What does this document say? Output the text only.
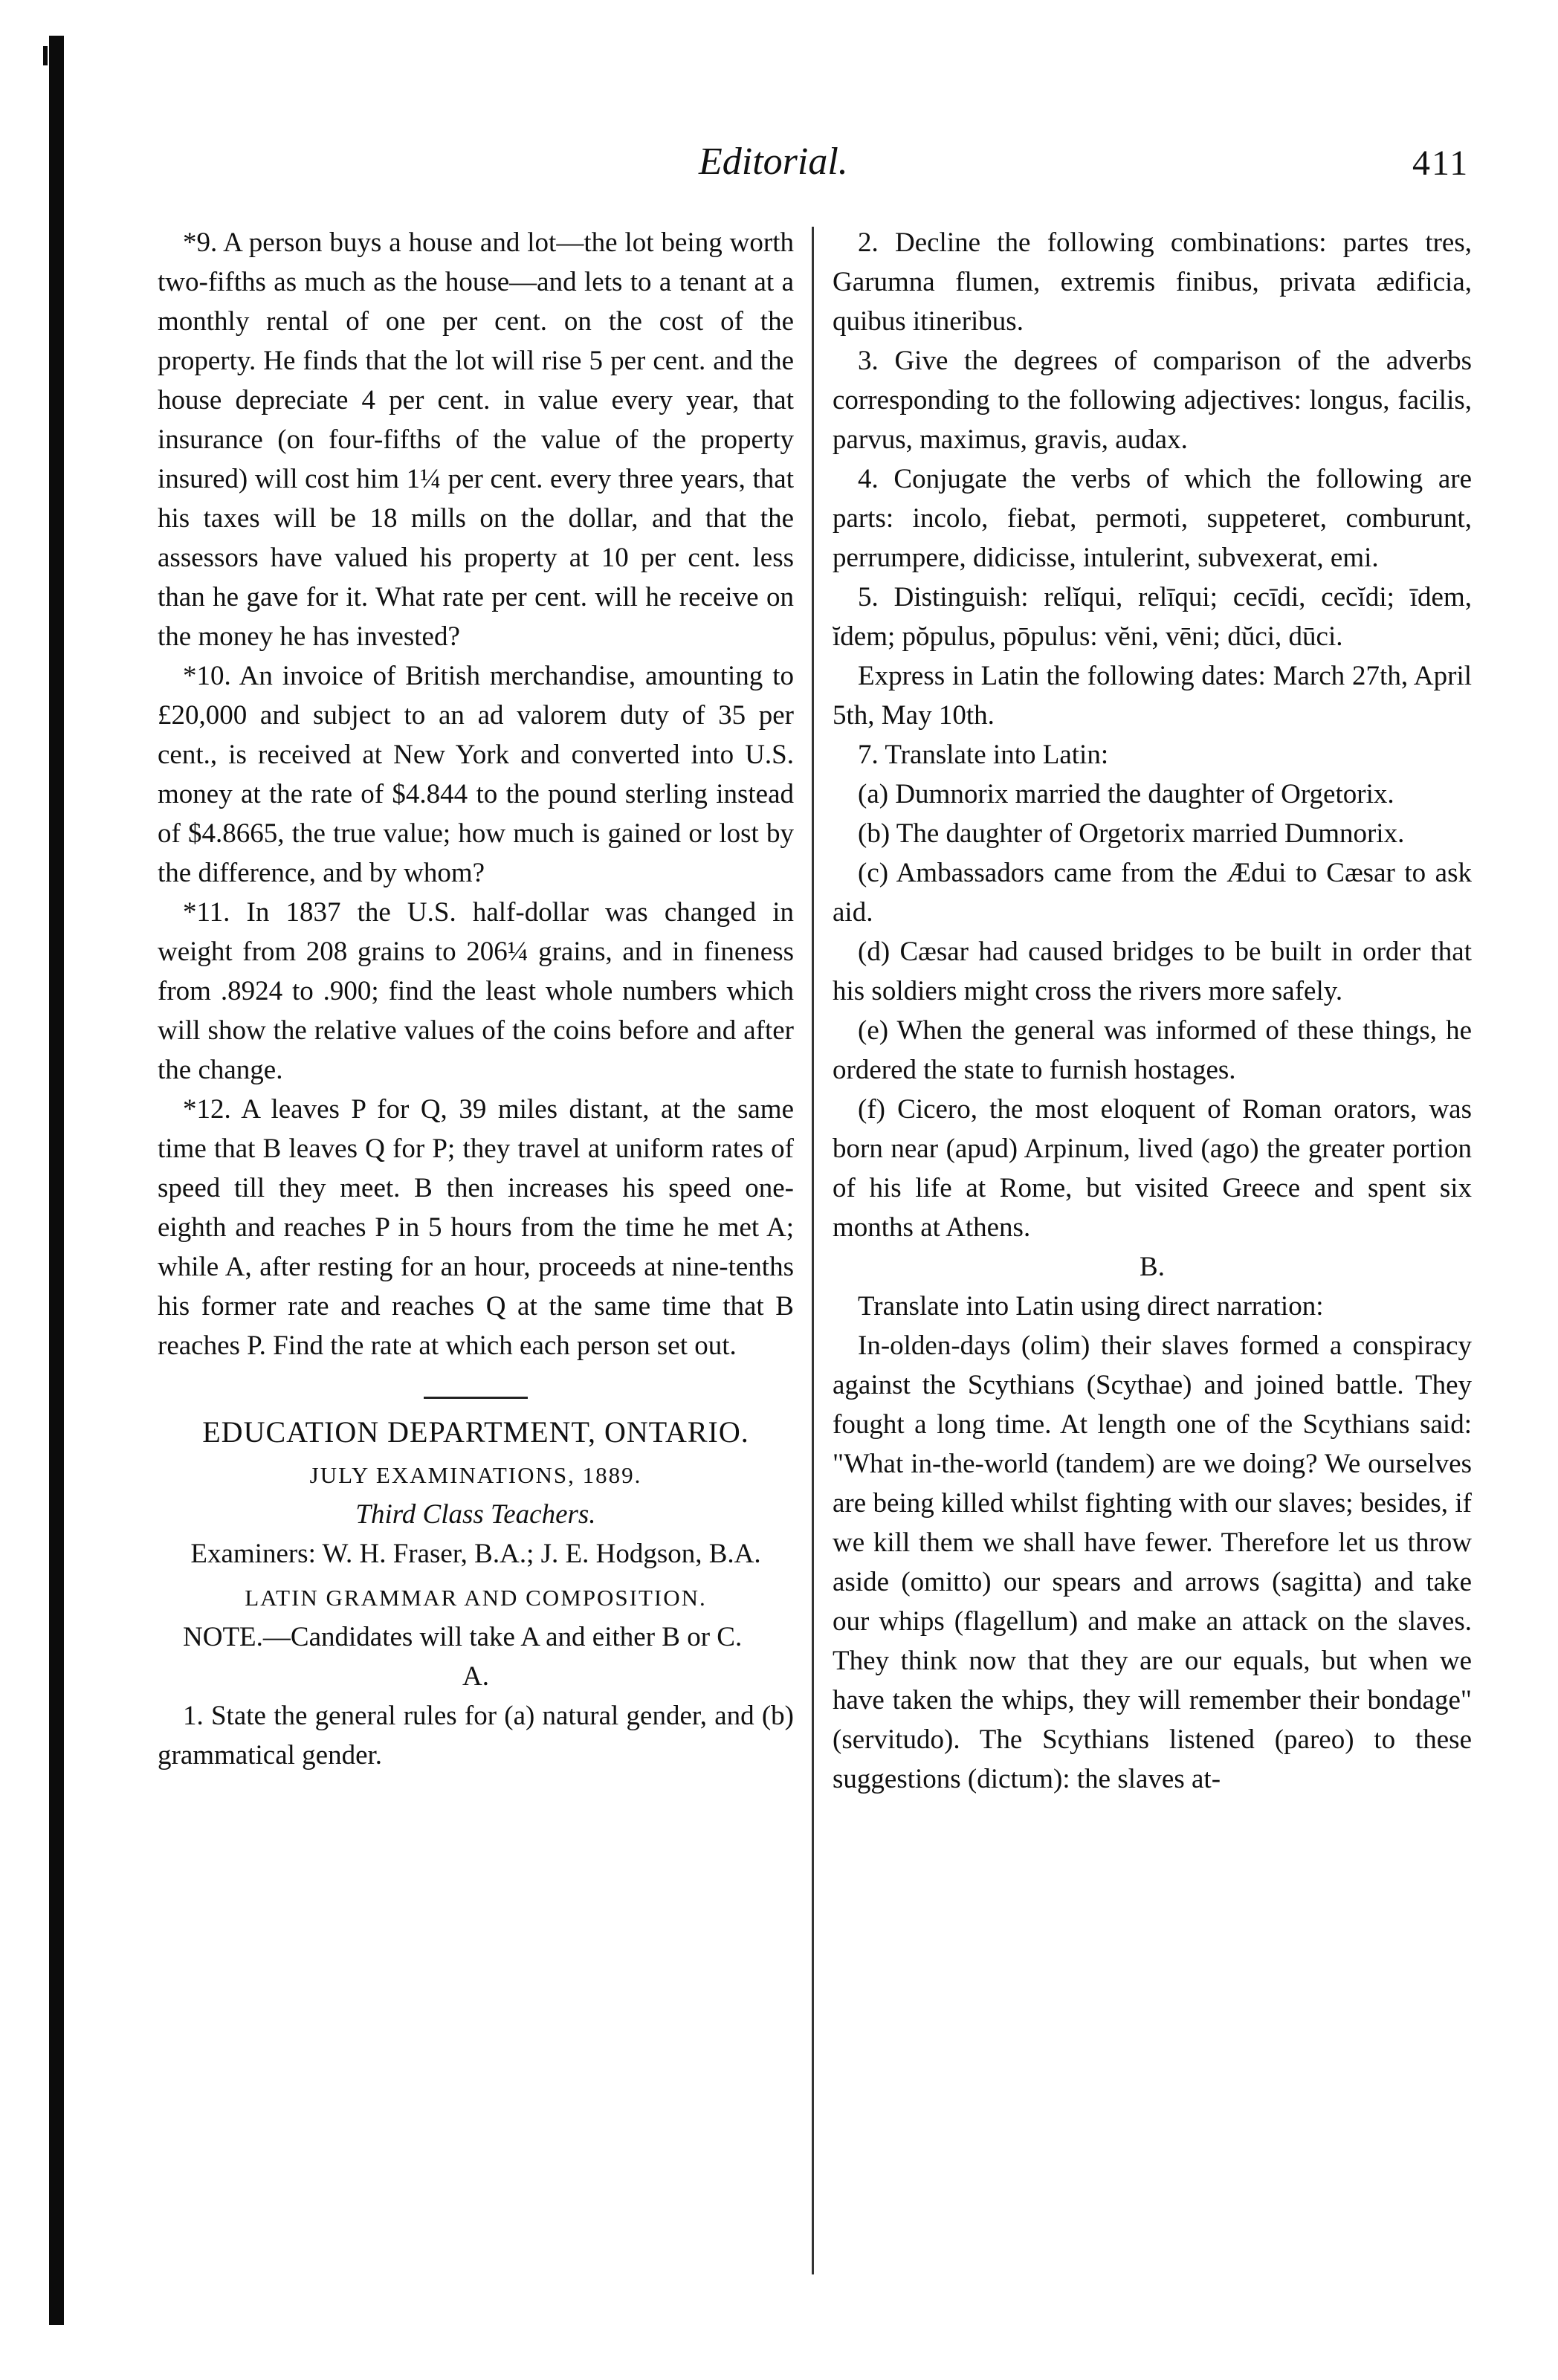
Editorial.	411

*9. A person buys a house and lot—the lot being worth two-fifths as much as the house—and lets to a tenant at a monthly rental of one per cent. on the cost of the property. He finds that the lot will rise 5 per cent. and the house depreciate 4 per cent. in value every year, that insurance (on four-fifths of the value of the property insured) will cost him 1¼ per cent. every three years, that his taxes will be 18 mills on the dollar, and that the assessors have valued his property at 10 per cent. less than he gave for it. What rate per cent. will he receive on the money he has invested?

*10. An invoice of British merchandise, amounting to £20,000 and subject to an ad valorem duty of 35 per cent., is received at New York and converted into U.S. money at the rate of $4.844 to the pound sterling instead of $4.8665, the true value; how much is gained or lost by the difference, and by whom?

*11. In 1837 the U.S. half-dollar was changed in weight from 208 grains to 206¼ grains, and in fineness from .8924 to .900; find the least whole numbers which will show the relative values of the coins before and after the change.

*12. A leaves P for Q, 39 miles distant, at the same time that B leaves Q for P; they travel at uniform rates of speed till they meet. B then increases his speed one-eighth and reaches P in 5 hours from the time he met A; while A, after resting for an hour, proceeds at nine-tenths his former rate and reaches Q at the same time that B reaches P. Find the rate at which each person set out.

EDUCATION DEPARTMENT, ONTARIO.

JULY EXAMINATIONS, 1889.

Third Class Teachers.

Examiners: W. H. Fraser, B.A.; J. E. Hodgson, B.A.

LATIN GRAMMAR AND COMPOSITION.

NOTE.—Candidates will take A and either B or C.

A.

1. State the general rules for (a) natural gender, and (b) grammatical gender.

2. Decline the following combinations: partes tres, Garumna flumen, extremis finibus, privata ædificia, quibus itineribus.

3. Give the degrees of comparison of the adverbs corresponding to the following adjectives: longus, facilis, parvus, maximus, gravis, audax.

4. Conjugate the verbs of which the following are parts: incolo, fiebat, permoti, suppeteret, comburunt, perrumpere, didicisse, intulerint, subvexerat, emi.

5. Distinguish: relĭqui, relīqui; cecīdi, cecĭdi; īdem, ĭdem; pŏpulus, pōpulus: vĕni, vēni; dŭci, dūci.

Express in Latin the following dates: March 27th, April 5th, May 10th.

7. Translate into Latin:

(a) Dumnorix married the daughter of Orgetorix.

(b) The daughter of Orgetorix married Dumnorix.

(c) Ambassadors came from the Ædui to Cæsar to ask aid.

(d) Cæsar had caused bridges to be built in order that his soldiers might cross the rivers more safely.

(e) When the general was informed of these things, he ordered the state to furnish hostages.

(f) Cicero, the most eloquent of Roman orators, was born near (apud) Arpinum, lived (ago) the greater portion of his life at Rome, but visited Greece and spent six months at Athens.

B.

Translate into Latin using direct narration:

In-olden-days (olim) their slaves formed a conspiracy against the Scythians (Scythae) and joined battle. They fought a long time. At length one of the Scythians said: "What in-the-world (tandem) are we doing? We ourselves are being killed whilst fighting with our slaves; besides, if we kill them we shall have fewer. Therefore let us throw aside (omitto) our spears and arrows (sagitta) and take our whips (flagellum) and make an attack on the slaves. They think now that they are our equals, but when we have taken the whips, they will remember their bondage" (servitudo). The Scythians listened (pareo) to these suggestions (dictum): the slaves at-
